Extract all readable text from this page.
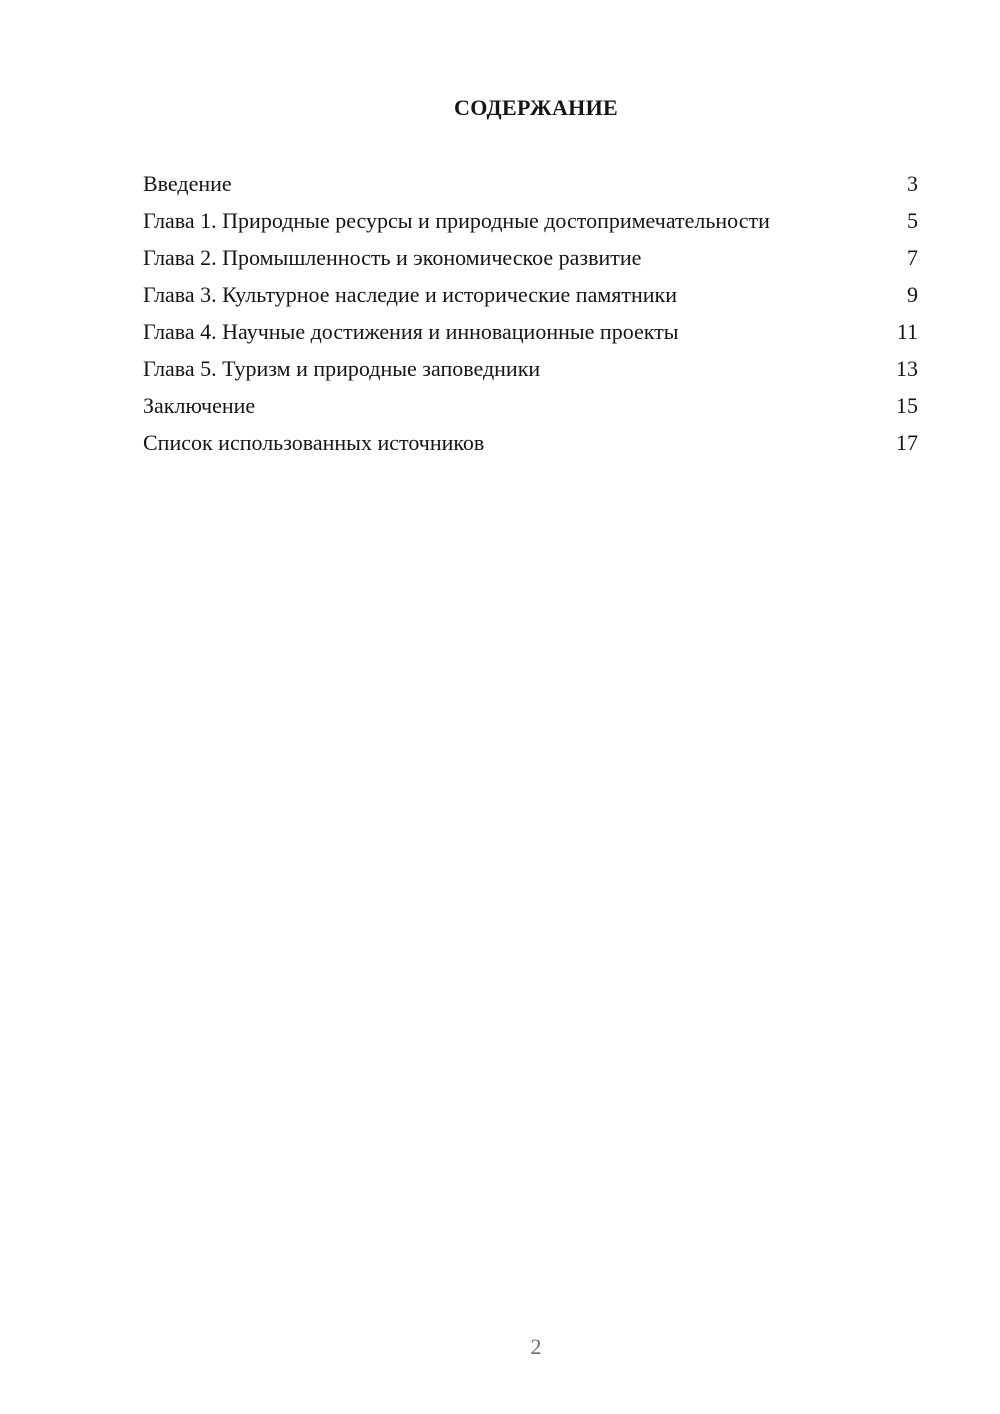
СОДЕРЖАНИЕ
Введение	3
Глава 1. Природные ресурсы и природные достопримечательности	5
Глава 2. Промышленность и экономическое развитие	7
Глава 3. Культурное наследие и исторические памятники	9
Глава 4. Научные достижения и инновационные проекты	11
Глава 5. Туризм и природные заповедники	13
Заключение	15
Список использованных источников	17
2
